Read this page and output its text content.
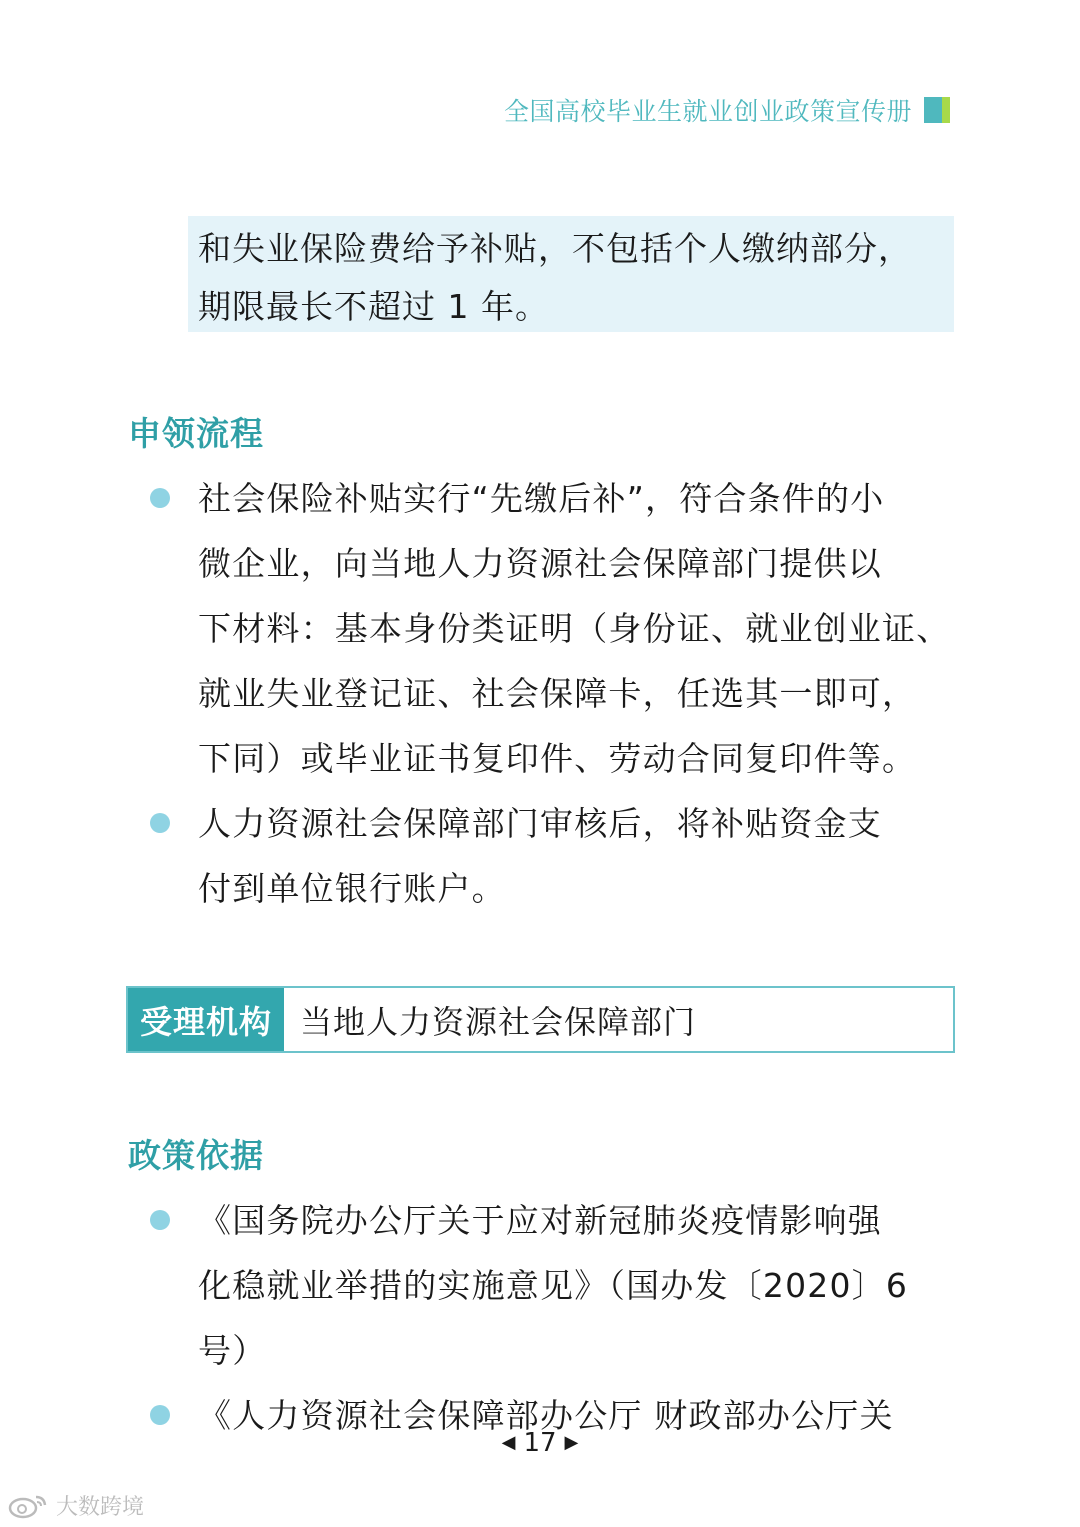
全国高校毕业生就业创业政策宣传册

和失业保险费给予补贴，不包括个人缴纳部分，

期限最长不超过 1 年。

申领流程
社会保险补贴实行“先缴后补”，符合条件的小
微企业，向当地人力资源社会保障部门提供以
下材料：基本身份类证明（身份证、就业创业证、
就业失业登记证、社会保障卡，任选其一即可，
下同）或毕业证书复印件、劳动合同复印件等。
人力资源社会保障部门审核后，将补贴资金支
付到单位银行账户。
受理机构 当地人力资源社会保障部门
政策依据
《国务院办公厅关于应对新冠肺炎疫情影响强
化稳就业举措的实施意见》（国办发〔2020〕6 号）
《人力资源社会保障部办公厅 财政部办公厅关
◀ 17 ▶
大数跨境
